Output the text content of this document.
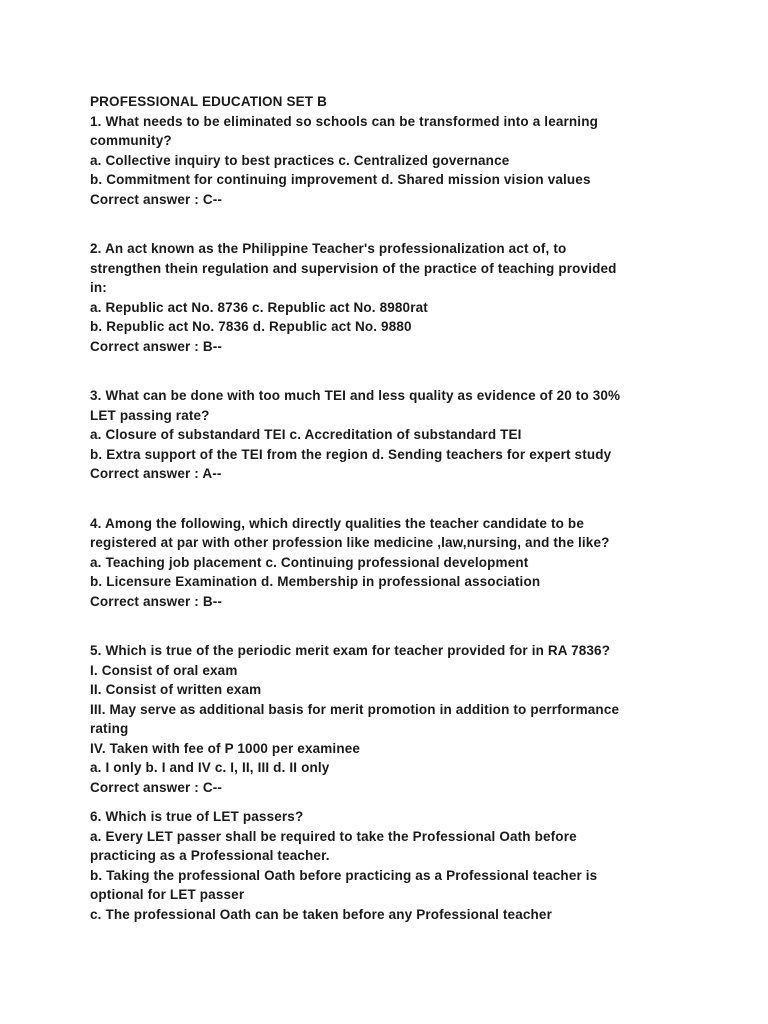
PROFESSIONAL EDUCATION SET B
1. What needs to be eliminated so schools can be transformed into a learning
community?
a. Collective inquiry to best practices c. Centralized governance
b. Commitment for continuing improvement d. Shared mission vision values
Correct answer : C--
2. An act known as the Philippine Teacher's professionalization act of, to
strengthen thein regulation and supervision of the practice of teaching provided
in:
a. Republic act No. 8736 c. Republic act No. 8980rat
b. Republic act No. 7836 d. Republic act No. 9880
Correct answer : B--
3. What can be done with too much TEI and less quality as evidence of 20 to 30%
LET passing rate?
a. Closure of substandard TEI c. Accreditation of substandard TEI
b. Extra support of the TEI from the region d. Sending teachers for expert study
Correct answer : A--
4. Among the following, which directly qualities the teacher candidate to be
registered at par with other profession like medicine ,law,nursing, and the like?
a. Teaching job placement c. Continuing professional development
b. Licensure Examination d. Membership in professional association
Correct answer : B--
5. Which is true of the periodic merit exam for teacher provided for in RA 7836?
I. Consist of oral exam
II. Consist of written exam
III. May serve as additional basis for merit promotion in addition to perrformance
rating
IV. Taken with fee of P 1000 per examinee
a. I only b. I and IV c. I, II, III d. II only
Correct answer : C--
6. Which is true of LET passers?
a. Every LET passer shall be required to take the Professional Oath before
practicing as a Professional teacher.
b. Taking the professional Oath before practicing as a Professional teacher is
optional for LET passer
c. The professional Oath can be taken before any Professional teacher
